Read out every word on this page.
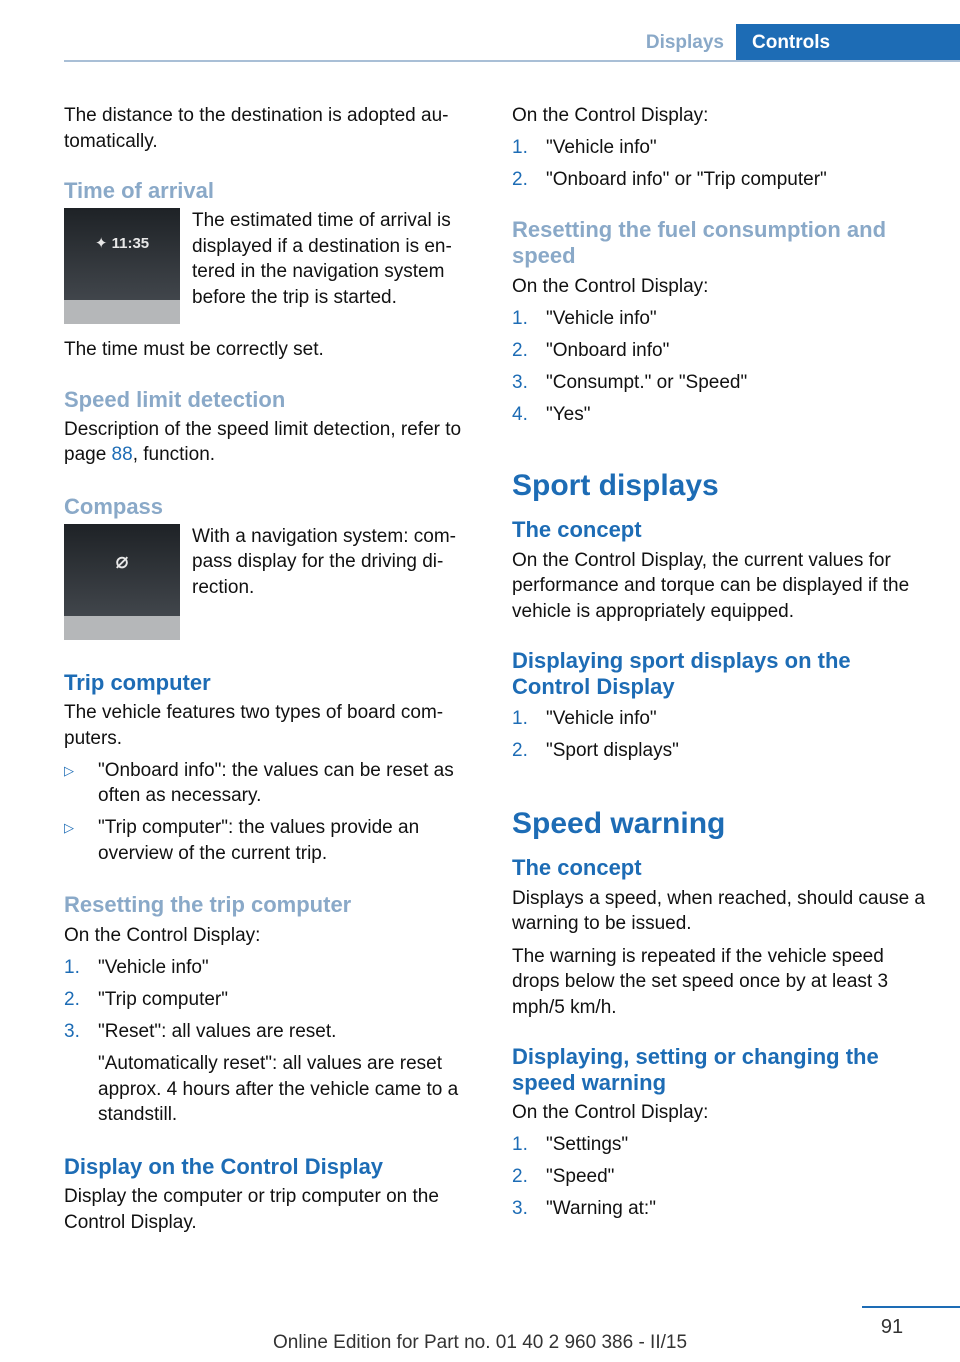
Displays	Controls

The distance to the destination is adopted au-tomatically.

Time of arrival
✦ 11:35

The estimated time of arrival is displayed if a destination is en-tered in the navigation system before the trip is started.

The time must be correctly set.

Speed limit detection

Description of the speed limit detection, refer to page 88, function.

Compass
⌀

With a navigation system: com-pass display for the driving di-rection.

Trip computer

The vehicle features two types of board com-puters.

▷	"Onboard info": the values can be reset as often as necessary.
▷	"Trip computer": the values provide an overview of the current trip.
Resetting the trip computer

On the Control Display:

1. "Vehicle info"
2. "Trip computer"
3. "Reset": all values are reset.
"Automatically reset": all values are reset approx. 4 hours after the vehicle came to a standstill.
Display on the Control Display

Display the computer or trip computer on the Control Display.

On the Control Display:

1. "Vehicle info"
2. "Onboard info" or "Trip computer"
Resetting the fuel consumption and speed

On the Control Display:

1. "Vehicle info"
2. "Onboard info"
3. "Consumpt." or "Speed"
4. "Yes"
Sport displays
The concept

On the Control Display, the current values for performance and torque can be displayed if the vehicle is appropriately equipped.

Displaying sport displays on the Control Display
1. "Vehicle info"
2. "Sport displays"
Speed warning
The concept

Displays a speed, when reached, should cause a warning to be issued.

The warning is repeated if the vehicle speed drops below the set speed once by at least 3 mph/5 km/h.

Displaying, setting or changing the speed warning

On the Control Display:

1. "Settings"
2. "Speed"
3. "Warning at:"
91
Online Edition for Part no. 01 40 2 960 386 - II/15
